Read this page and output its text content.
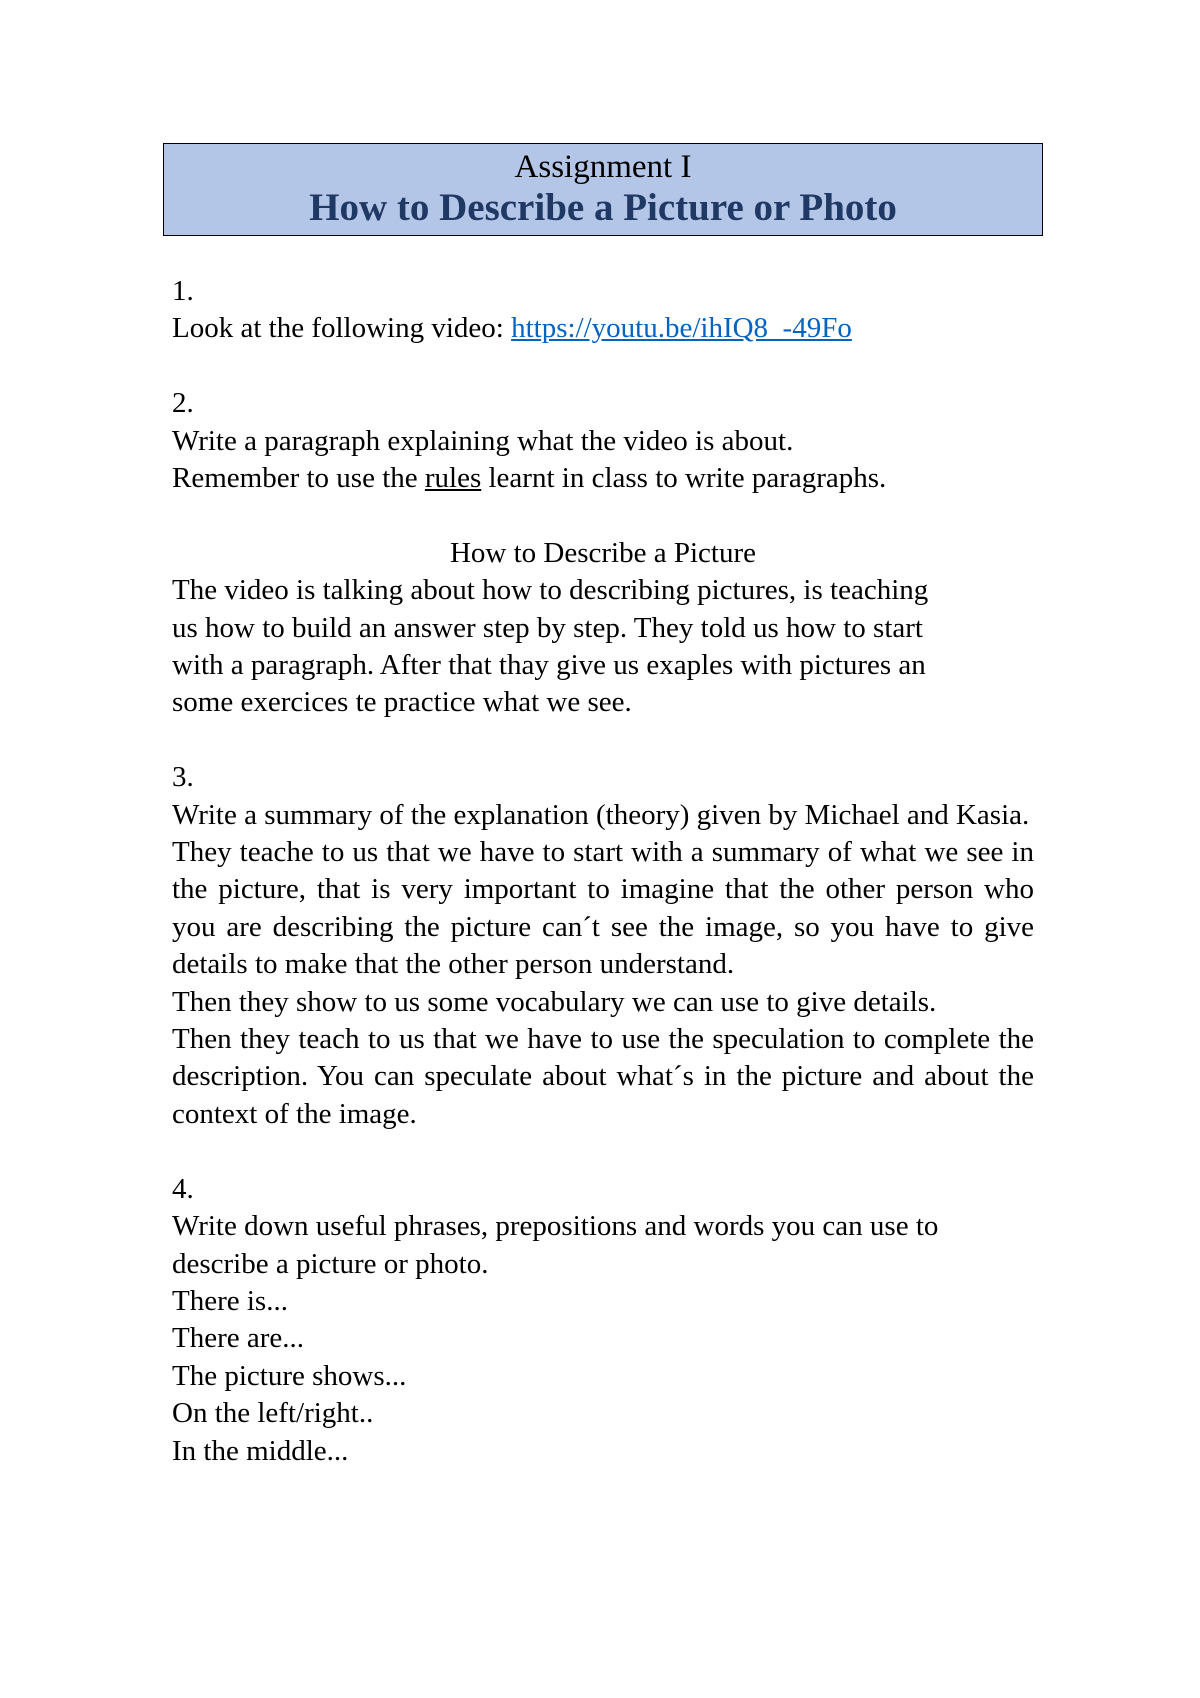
Assignment I
How to Describe a Picture or Photo
1.
Look at the following video: https://youtu.be/ihIQ8_-49Fo
2.
Write a paragraph explaining what the video is about.
Remember to use the rules learnt in class to write paragraphs.
How to Describe a Picture
The video is talking about how to describing pictures, is teaching
us how to build an answer step by step. They told us how to start
with a paragraph. After that thay give us exaples with pictures an
some exercices te practice what we see.
3.
Write a summary of the explanation (theory) given by Michael and Kasia.
They teache to us that we have to start with a summary of what we see in the picture, that is very important to imagine that the other person who you are describing the picture can´t see the image, so you have to give details to make that the other person understand.
Then they show to us some vocabulary we can use to give details.
Then they teach to us that we have to use the speculation to complete the description. You can speculate about what´s in the picture and about the context of the image.
4.
Write down useful phrases, prepositions and words you can use to describe a picture or photo.
There is...
There are...
The picture shows...
On the left/right..
In the middle...
